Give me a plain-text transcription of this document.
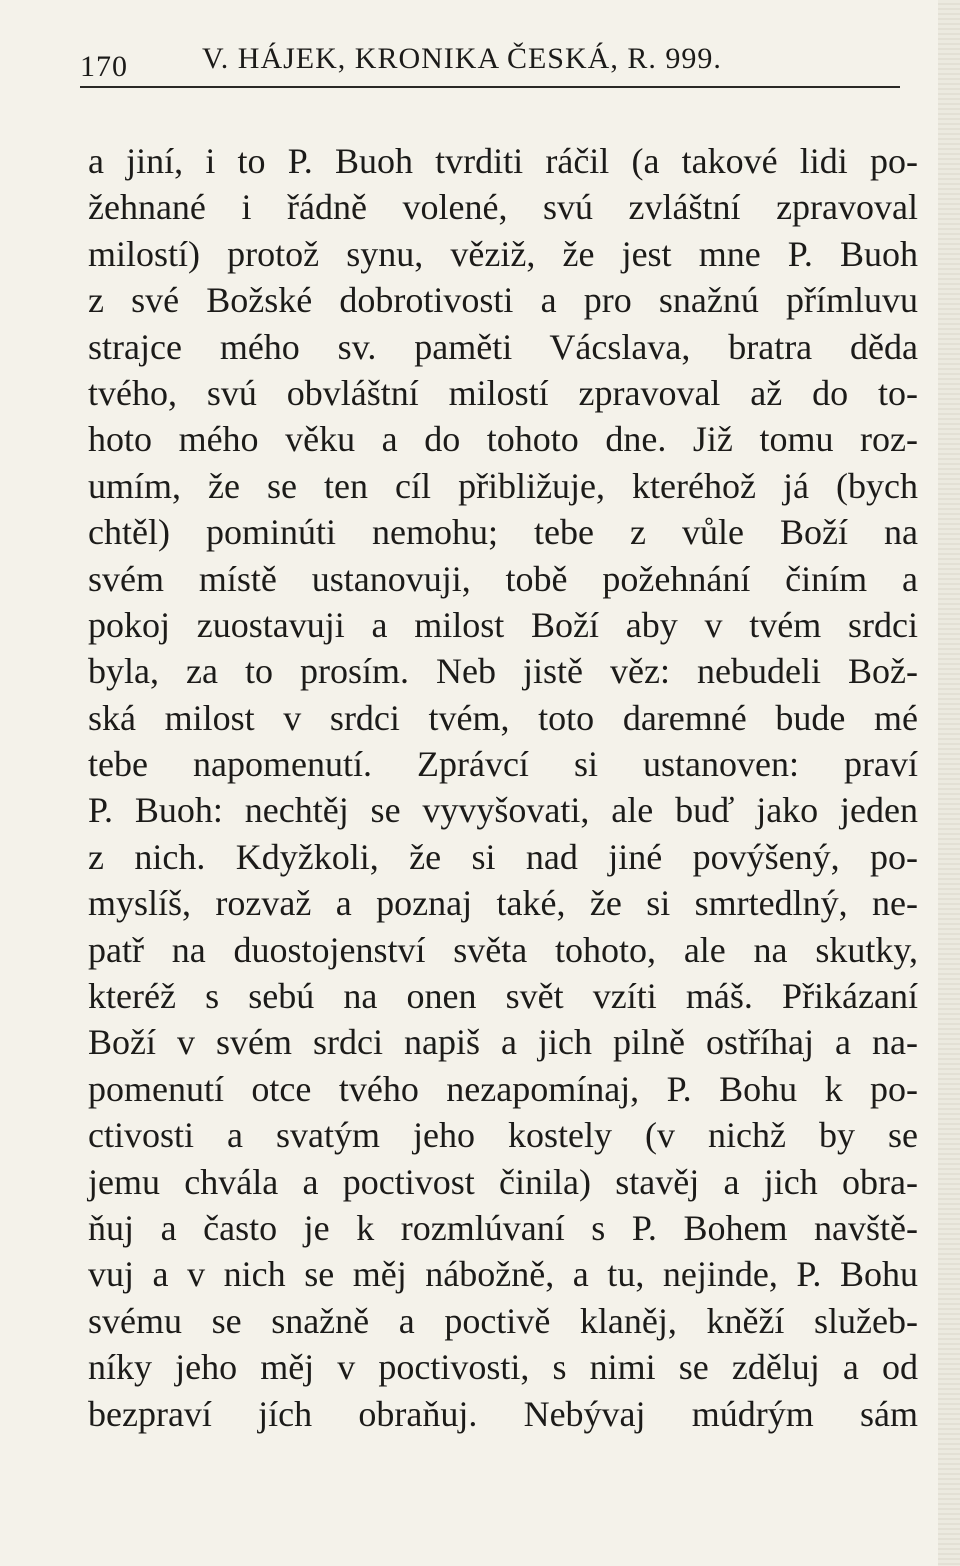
170 V. HÁJEK, KRONIKA ČESKÁ, R. 999.
a jiní, i to P. Buoh tvrditi ráčil (a takové lidi po-
žehnané i řádně volené, svú zvláštní zpravoval
milostí) protož synu, věziž, že jest mne P. Buoh
z své Božské dobrotivosti a pro snažnú přímluvu
strajce mého sv. paměti Vácslava, bratra děda
tvého, svú obvláštní milostí zpravoval až do to-
hoto mého věku a do tohoto dne. Již tomu roz-
umím, že se ten cíl přibližuje, kteréhož já (bych
chtěl) pominúti nemohu; tebe z vůle Boží na
svém místě ustanovuji, tobě požehnání činím a
pokoj zuostavuji a milost Boží aby v tvém srdci
byla, za to prosím. Neb jistě věz: nebudeli Bož-
ská milost v srdci tvém, toto daremné bude mé
tebe napomenutí. Zprávcí si ustanoven: praví
P. Buoh: nechtěj se vyvyšovati, ale buď jako jeden
z nich. Kdyžkoli, že si nad jiné povýšený, po-
myslíš, rozvaž a poznaj také, že si smrtedlný, ne-
patř na duostojenství světa tohoto, ale na skutky,
kteréž s sebú na onen svět vzíti máš. Přikázaní
Boží v svém srdci napiš a jich pilně ostříhaj a na-
pomenutí otce tvého nezapomínaj, P. Bohu k po-
ctivosti a svatým jeho kostely (v nichž by se
jemu chvála a poctivost činila) stavěj a jich obra-
ňuj a často je k rozmlúvaní s P. Bohem navště-
vuj a v nich se měj nábožně, a tu, nejinde, P. Bohu
svému se snažně a poctivě klaněj, kněží služeb-
níky jeho měj v poctivosti, s nimi se zděluj a od
bezpraví jích obraňuj. Nebývaj múdrým sám
